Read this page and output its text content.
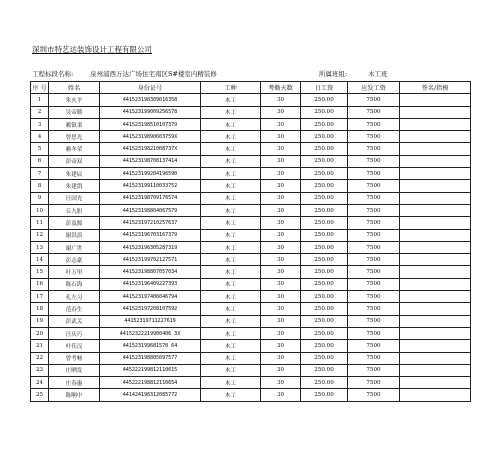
深圳市特艺达装饰设计工程有限公司
工程标段名称:	泉州浦西万达广场住宅南区S#楼室内精装修	所属班组:	木工班
序 号	姓名	身份证号	工种	考勤天数	日工资	应发工资	签名/指模
1	朱火平	441523198309016358	木工	30	250.00	7500	
2	吴帝勝	441523199009256578	木工	30	250.00	7500	
3	赖镇秉	441523198510107379	木工	30	250.00	7500	
4	曾思光	44152319890603759X	木工	30	250.00	7500	
5	赖冬荣	44152319821008737X	木工	30	250.00	7500	
6	彭帝双	441523198708137414	木工	30	250.00	7500	
7	朱建辰	441523199204196590	木工	30	250.00	7500	
8	朱建凯	441523199110033752	木工	30	250.00	7500	
9	汪国光	441523198709176574	木工	30	250.00	7500	
10	丘九胆	441523198804067579	木工	30	250.00	7500	
11	彭及源	441523197210257637	木工	30	250.00	7500	
12	谢洪浪	441523196703167379	木工	30	250.00	7500	
13	谢广世	441523196305287319	木工	30	250.00	7500	
14	彭志豪	441523199702127571	木工	30	250.00	7500	
15	叶万里	441523198807057034	木工	30	250.00	7500	
16	陈石海	441523196409227393	木工	30	250.00	7500	
17	孔左习	441523197406046794	木工	30	250.00	7500	
18	范春生	441523197208107592	木工	30	250.00	7500	
19	彭武关	44152319711227619	木工	30	250.00	7500	
20	汪庆巧	44152322219900406 3X	木工	30	250.00	7500	
21	叶佳汉	441523199681570 64	木工	30	250.00	7500	
22	曾考畅	441523198805097577	木工	30	250.00	7500	
23	庄晒发	445222199812110615	木工	30	250.00	7500	
24	庄春惠	445222198812110654	木工	30	250.00	7500	
25	陈啊中	441424196312085772	木工	30	250.00	7500	
